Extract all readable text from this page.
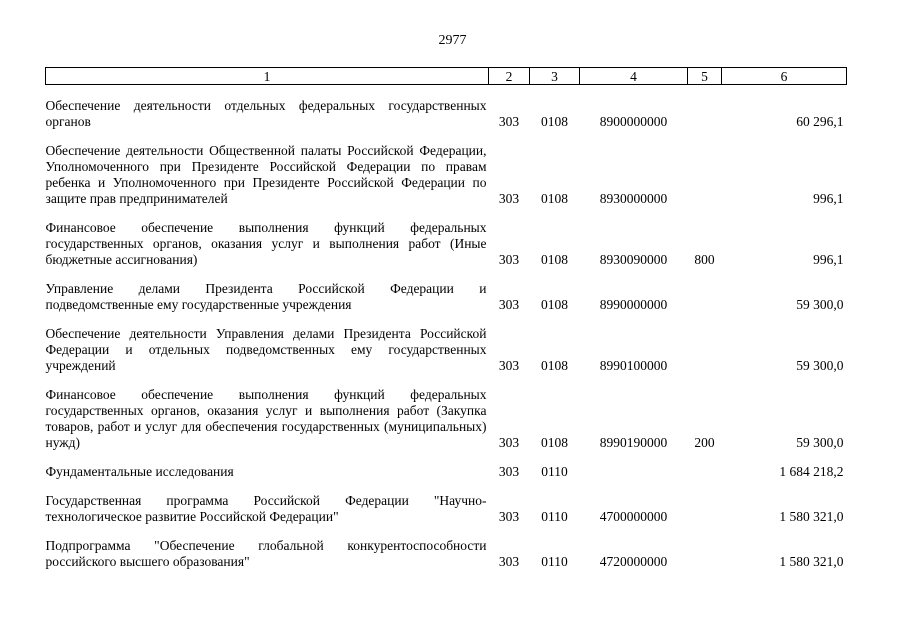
2977
1	2	3	4	5	6
Обеспечение деятельности отдельных федеральных государственных органов	303	0108	8900000000		60 296,1
Обеспечение деятельности Общественной палаты Российской Федерации, Уполномоченного при Президенте Российской Федерации по правам ребенка и Уполномоченного при Президенте Российской Федерации по защите прав предпринимателей	303	0108	8930000000		996,1
Финансовое обеспечение выполнения функций федеральных государственных органов, оказания услуг и выполнения работ (Иные бюджетные ассигнования)	303	0108	8930090000	800	996,1
Управление делами Президента Российской Федерации и подведомственные ему государственные учреждения	303	0108	8990000000		59 300,0
Обеспечение деятельности Управления делами Президента Российской Федерации и отдельных подведомственных ему государственных учреждений	303	0108	8990100000		59 300,0
Финансовое обеспечение выполнения функций федеральных государственных органов, оказания услуг и выполнения работ (Закупка товаров, работ и услуг для обеспечения государственных (муниципальных) нужд)	303	0108	8990190000	200	59 300,0
Фундаментальные исследования	303	0110			1 684 218,2
Государственная программа Российской Федерации "Научно-технологическое развитие Российской Федерации"	303	0110	4700000000		1 580 321,0
Подпрограмма "Обеспечение глобальной конкурентоспособности российского высшего образования"	303	0110	4720000000		1 580 321,0
